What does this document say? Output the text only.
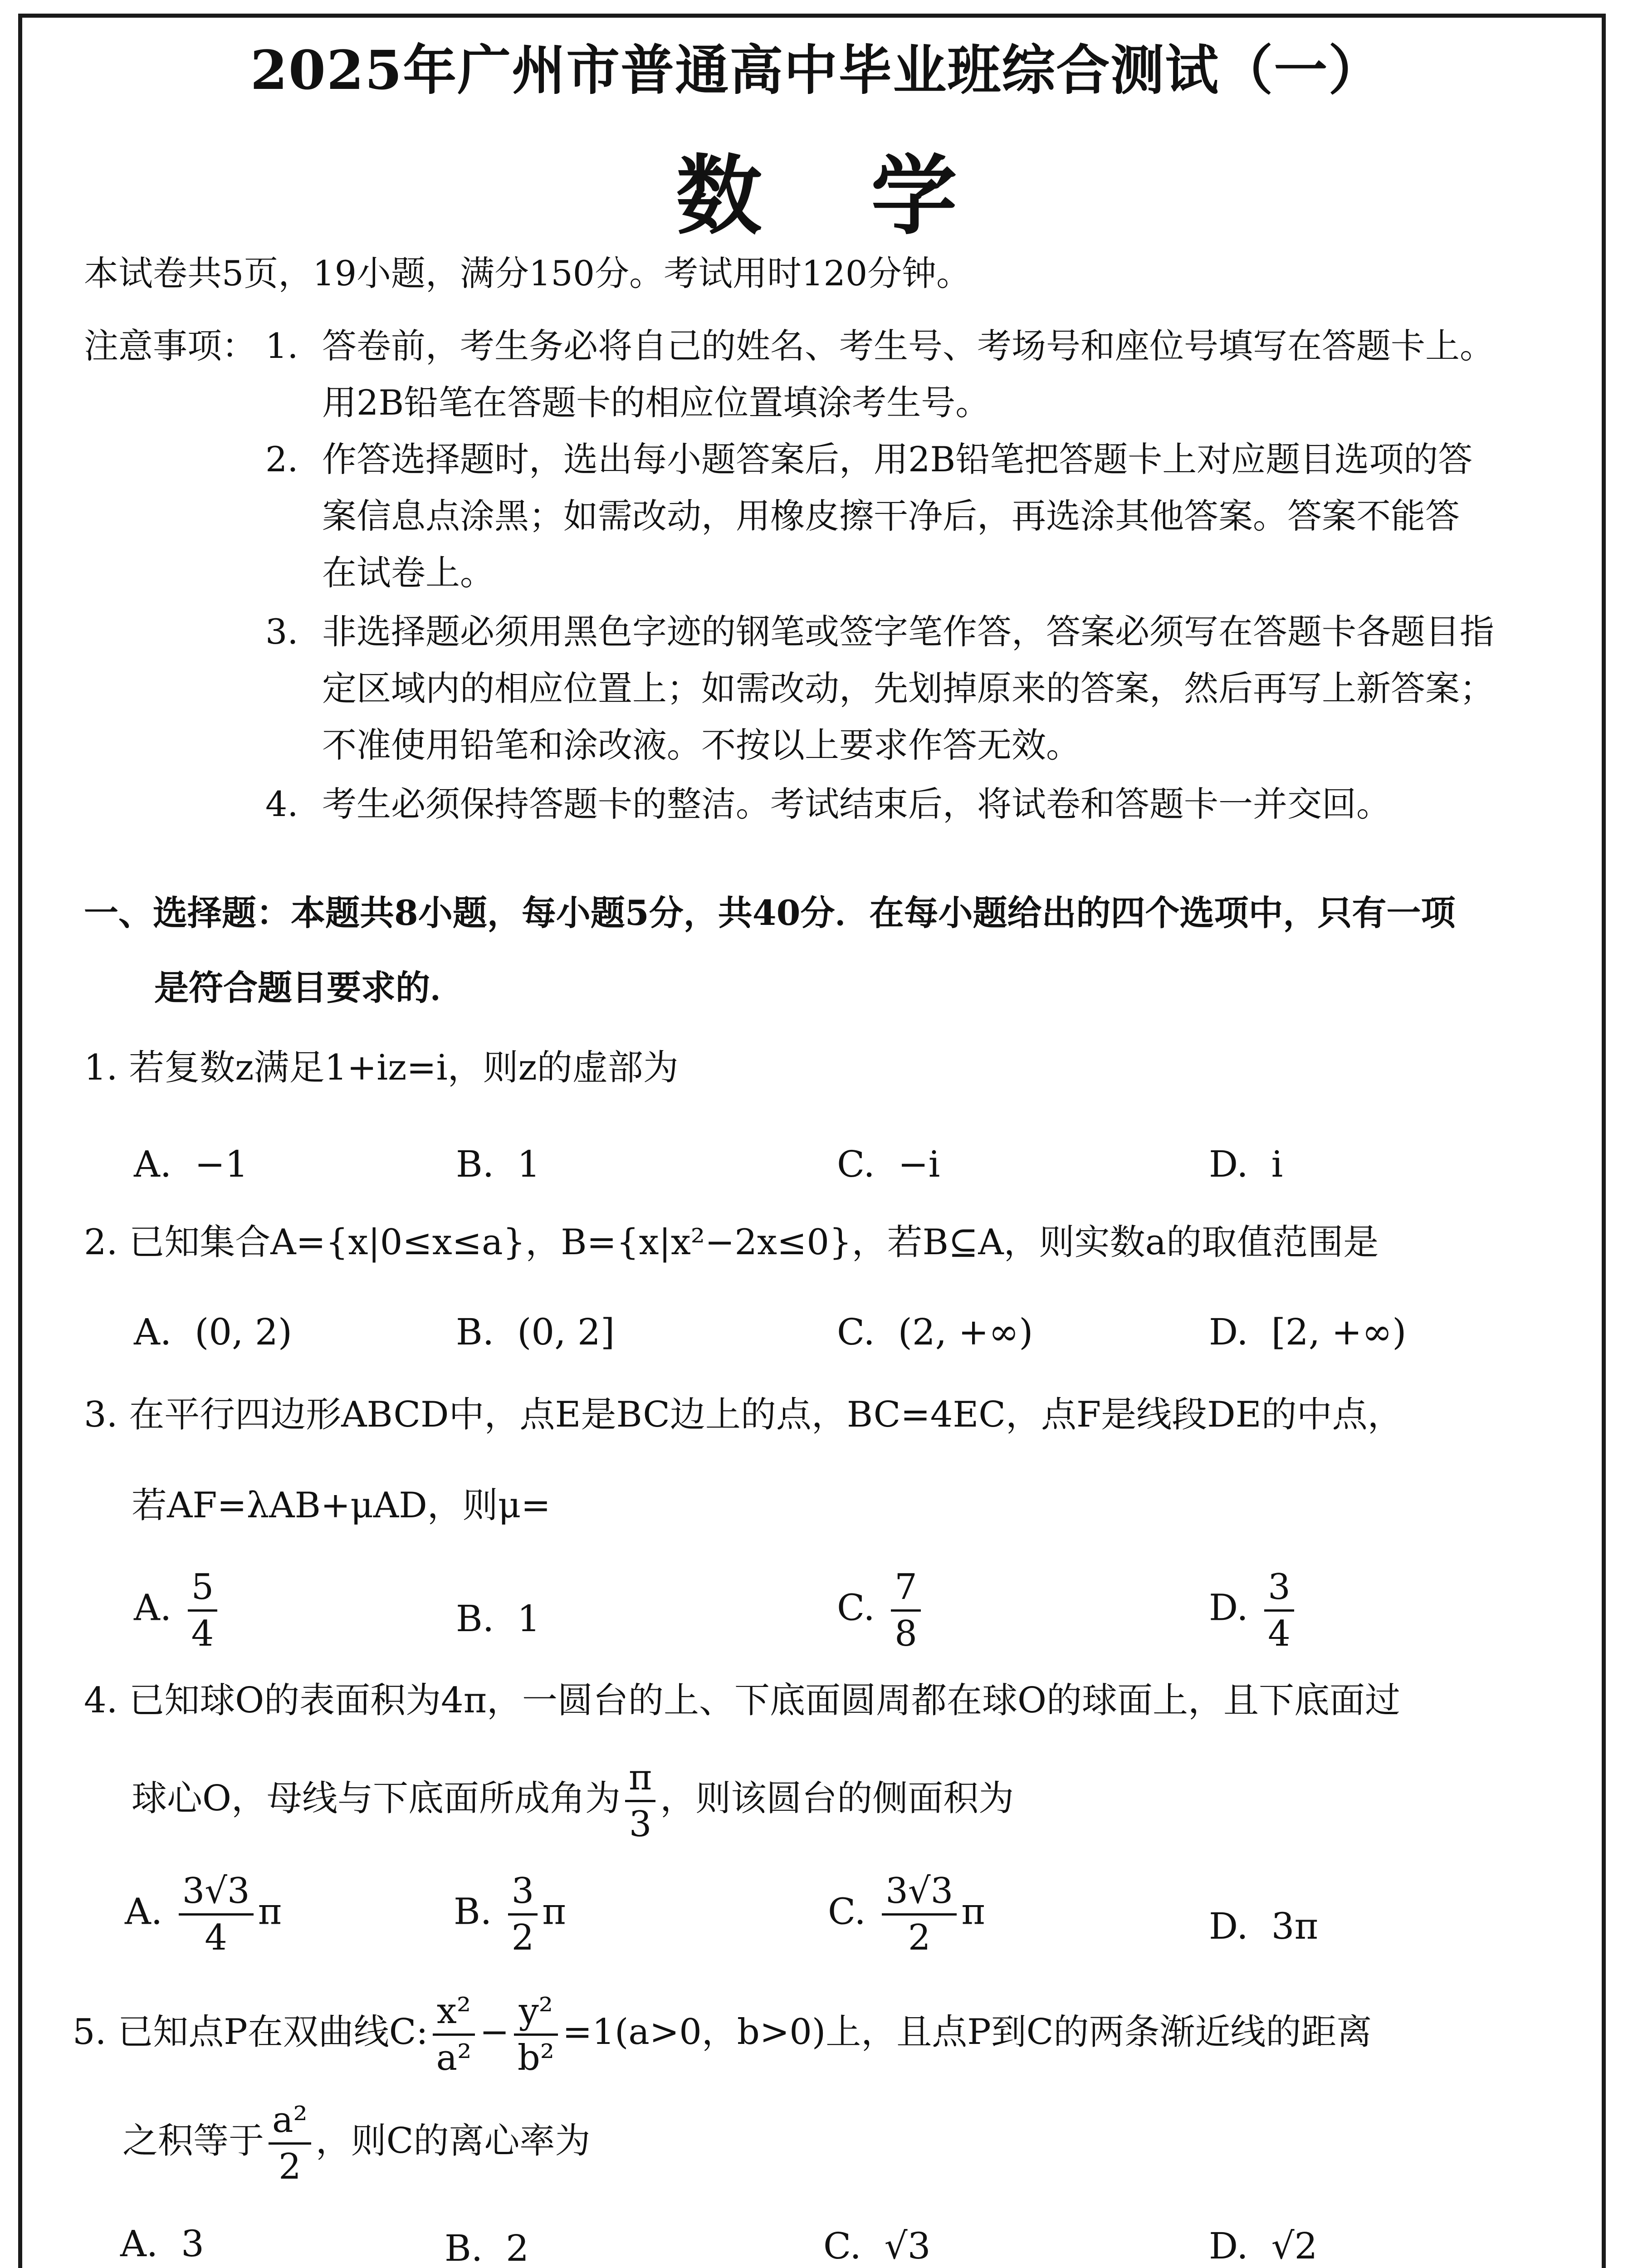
2025年广州市普通高中毕业班综合测试（一）
数 学
本试卷共5页，19小题，满分150分。考试用时120分钟。
注意事项： 1. 答卷前，考生务必将自己的姓名、考生号、考场号和座位号填写在答题卡上。
用2B铅笔在答题卡的相应位置填涂考生号。
2. 作答选择题时，选出每小题答案后，用2B铅笔把答题卡上对应题目选项的答
案信息点涂黑；如需改动，用橡皮擦干净后，再选涂其他答案。答案不能答
在试卷上。
3. 非选择题必须用黑色字迹的钢笔或签字笔作答，答案必须写在答题卡各题目指
定区域内的相应位置上；如需改动，先划掉原来的答案，然后再写上新答案；
不准使用铅笔和涂改液。不按以上要求作答无效。
4. 考生必须保持答题卡的整洁。考试结束后，将试卷和答题卡一并交回。
一、选择题：本题共8小题，每小题5分，共40分．在每小题给出的四个选项中，只有一项
是符合题目要求的．
1. 若复数z满足1+iz=i，则z的虚部为
A. −1	B. 1	C. −i	D. i
2. 已知集合A={x|0≤x≤a}，B={x|x²−2x≤0}，若B⊆A，则实数a的取值范围是
A. (0, 2)	B. (0, 2]	C. (2, +∞)	D. [2, +∞)
3. 在平行四边形ABCD中，点E是BC边上的点，BC=4EC，点F是线段DE的中点，
若AF=λAB+μAD，则μ=
A. $\frac{5}{4}$	B. 1	C. $\frac{7}{8}$	D. $\frac{3}{4}$
4. 已知球O的表面积为4π，一圆台的上、下底面圆周都在球O的球面上，且下底面过
球心O，母线与下底面所成角为 $\frac{\pi}{3}$ ，则该圆台的侧面积为
A. $\frac{3√3}{4}$ π	B. $\frac{3}{2}$ π	C. $\frac{3√3}{2}$ π	D. 3π
5. 已知点P在双曲线C: $\frac{\text{x²}}{\text{a²}} - \frac{\text{y²}}{\text{b²}} =1(a>0$，b>0)上，且点P到C的两条渐近线的距离
之积等于 $\frac{\text{a²}}{2}$ ，则C的离心率为
A. 3	B. 2	C. √3	D. √2
